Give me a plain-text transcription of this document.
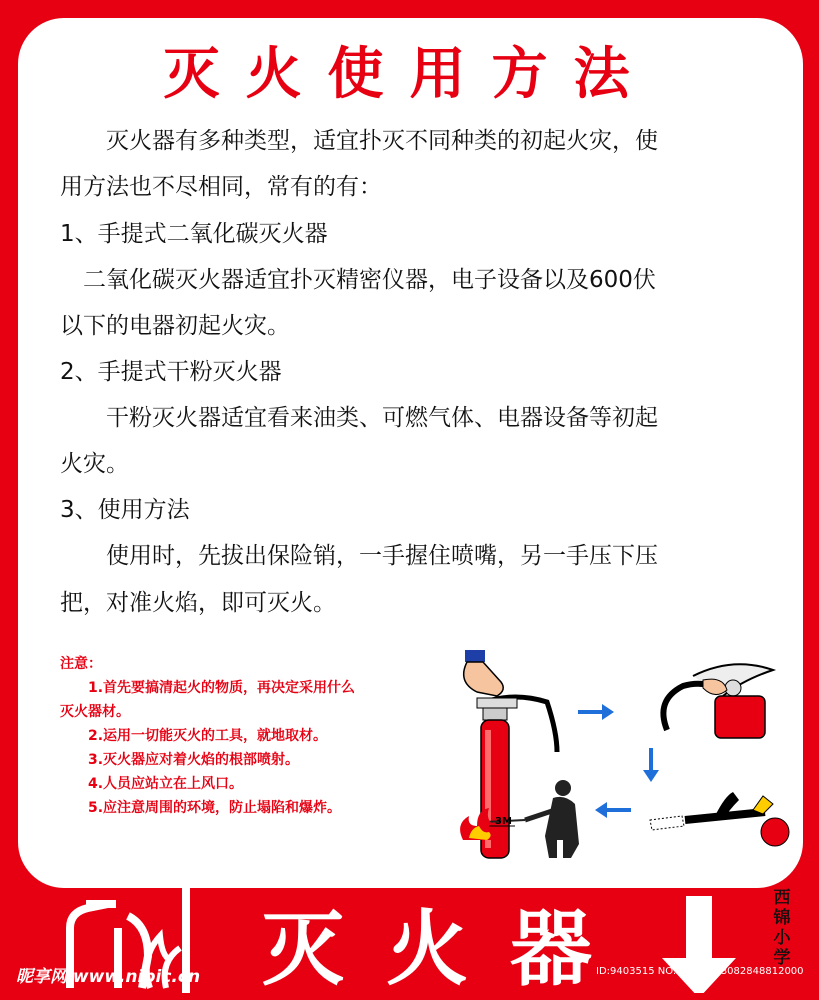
灭火使用方法
　　灭火器有多种类型，适宜扑灭不同种类的初起火灾，使
用方法也不尽相同，常有的有：
1、手提式二氧化碳灭火器
　二氧化碳灭火器适宜扑灭精密仪器，电子设备以及600伏
以下的电器初起火灾。
2、手提式干粉灭火器
　　干粉灭火器适宜看来油类、可燃气体、电器设备等初起
火灾。
3、使用方法
　　使用时，先拔出保险销，一手握住喷嘴，另一手压下压
把，对准火焰，即可灭火。
注意：
　　1.首先要搞清起火的物质，再决定采用什么
灭火器材。
　　2.运用一切能灭火的工具，就地取材。
　　3.灭火器应对着火焰的根部喷射。
　　4.人员应站立在上风口。
　　5.应注意周围的环境，防止塌陷和爆炸。
3M
灭火器
西锦小学
昵享网 www.nipic.cn	ID:9403515 NO:20121113082848812000
